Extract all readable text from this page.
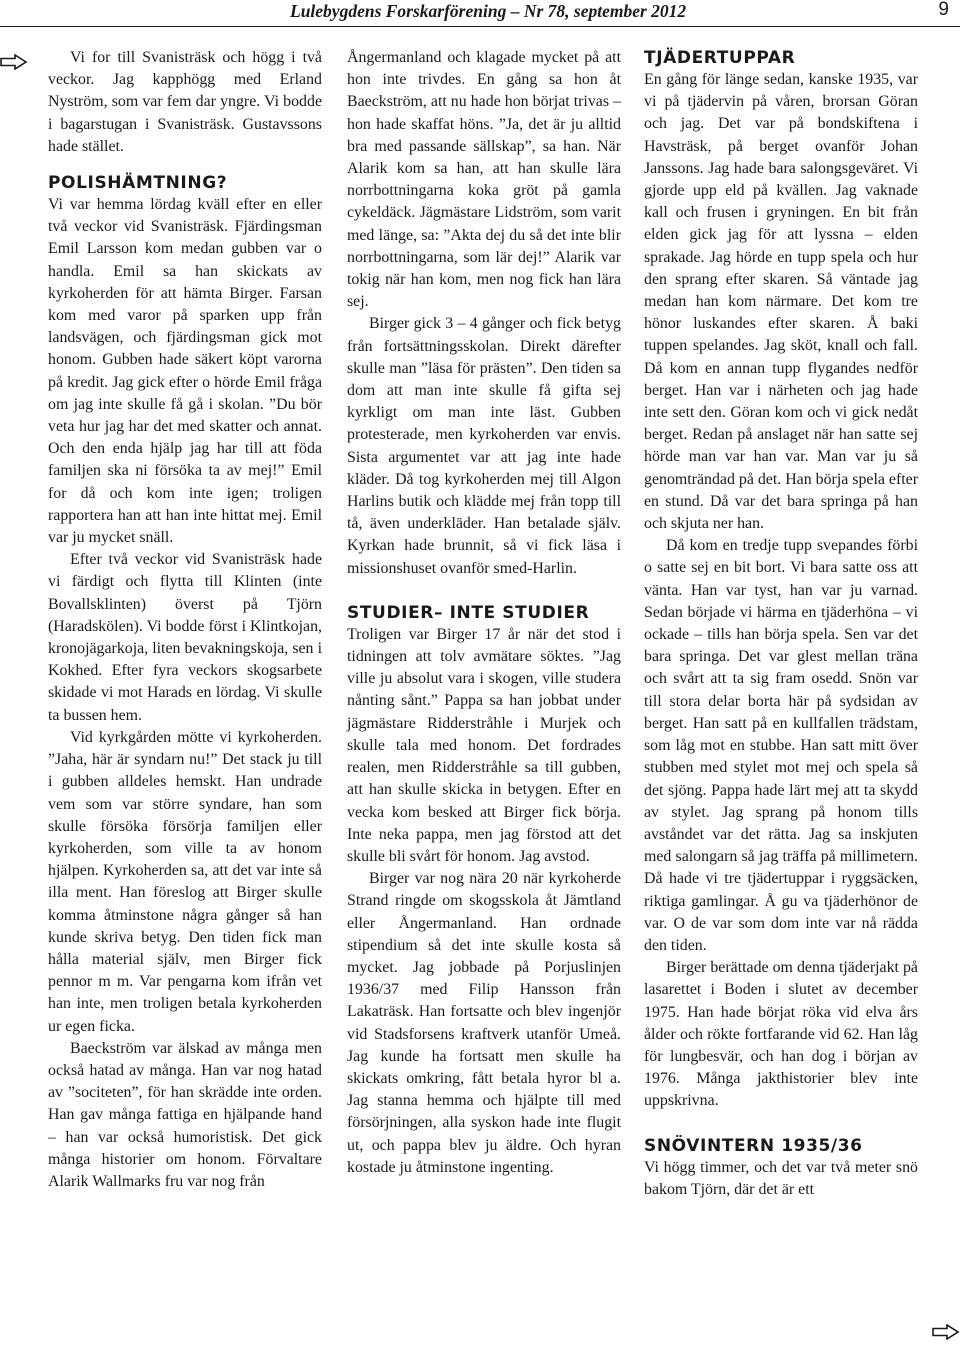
Lulebygdens Forskarförening – Nr 78, september 2012	9

Vi for till Svanisträsk och högg i två veckor. Jag kapphögg med Erland Nyström, som var fem dar yngre. Vi bodde i bagarstugan i Svanisträsk. Gustavssons hade stället.

POLISHÄMTNING?

Vi var hemma lördag kväll efter en eller två veckor vid Svanisträsk. Fjärdingsman Emil Larsson kom medan gubben var o handla. Emil sa han skickats av kyrkoherden för att hämta Birger. Farsan kom med varor på sparken upp från landsvägen, och fjärdingsman gick mot honom. Gubben hade säkert köpt varorna på kredit. Jag gick efter o hörde Emil fråga om jag inte skulle få gå i skolan. ”Du bör veta hur jag har det med skatter och annat. Och den enda hjälp jag har till att föda familjen ska ni försöka ta av mej!” Emil for då och kom inte igen; troligen rapportera han att han inte hittat mej. Emil var ju mycket snäll.

Efter två veckor vid Svanisträsk hade vi färdigt och flytta till Klinten (inte Bovallsklinten) överst på Tjörn (Haradskölen). Vi bodde först i Klintkojan, kronojägarkoja, liten bevakningskoja, sen i Kokhed. Efter fyra veckors skogsarbete skidade vi mot Harads en lördag. Vi skulle ta bussen hem.

Vid kyrkgården mötte vi kyrkoherden. ”Jaha, här är syndarn nu!” Det stack ju till i gubben alldeles hemskt. Han undrade vem som var större syndare, han som skulle försöka försörja familjen eller kyrkoherden, som ville ta av honom hjälpen. Kyrkoherden sa, att det var inte så illa ment. Han föreslog att Birger skulle komma åtminstone några gånger så han kunde skriva betyg. Den tiden fick man hålla material själv, men Birger fick pennor m m. Var pengarna kom ifrån vet han inte, men troligen betala kyrkoherden ur egen ficka.

Baeckström var älskad av många men också hatad av många. Han var nog hatad av ”sociteten”, för han skrädde inte orden. Han gav många fattiga en hjälpande hand – han var också humoristisk. Det gick många historier om honom. Förvaltare Alarik Wallmarks fru var nog från

Ångermanland och klagade mycket på att hon inte trivdes. En gång sa hon åt Baeckström, att nu hade hon börjat trivas – hon hade skaffat höns. ”Ja, det är ju alltid bra med passande sällskap”, sa han. När Alarik kom sa han, att han skulle lära norrbottningarna koka gröt på gamla cykeldäck. Jägmästare Lidström, som varit med länge, sa: ”Akta dej du så det inte blir norrbottningarna, som lär dej!” Alarik var tokig när han kom, men nog fick han lära sej.

Birger gick 3 – 4 gånger och fick betyg från fortsättningsskolan. Direkt därefter skulle man ”läsa för prästen”. Den tiden sa dom att man inte skulle få gifta sej kyrkligt om man inte läst. Gubben protesterade, men kyrkoherden var envis. Sista argumentet var att jag inte hade kläder. Då tog kyrkoherden mej till Algon Harlins butik och klädde mej från topp till tå, även underkläder. Han betalade själv. Kyrkan hade brunnit, så vi fick läsa i missionshuset ovanför smed-Harlin.

STUDIER– INTE STUDIER

Troligen var Birger 17 år när det stod i tidningen att tolv avmätare söktes. ”Jag ville ju absolut vara i skogen, ville studera nånting sånt.” Pappa sa han jobbat under jägmästare Ridderstråhle i Murjek och skulle tala med honom. Det fordrades realen, men Ridderstråhle sa till gubben, att han skulle skicka in betygen. Efter en vecka kom besked att Birger fick börja. Inte neka pappa, men jag förstod att det skulle bli svårt för honom. Jag avstod.

Birger var nog nära 20 när kyrkoherde Strand ringde om skogsskola åt Jämtland eller Ångermanland. Han ordnade stipendium så det inte skulle kosta så mycket. Jag jobbade på Porjuslinjen 1936/37 med Filip Hansson från Lakaträsk. Han fortsatte och blev ingenjör vid Stadsforsens kraftverk utanför Umeå. Jag kunde ha fortsatt men skulle ha skickats omkring, fått betala hyror bl a. Jag stanna hemma och hjälpte till med försörjningen, alla syskon hade inte flugit ut, och pappa blev ju äldre. Och hyran kostade ju åtminstone ingenting.

TJÄDERTUPPAR

En gång för länge sedan, kanske 1935, var vi på tjädervin på våren, brorsan Göran och jag. Det var på bondskiftena i Havsträsk, på berget ovanför Johan Janssons. Jag hade bara salongsgeväret. Vi gjorde upp eld på kvällen. Jag vaknade kall och frusen i gryningen. En bit från elden gick jag för att lyssna – elden sprakade. Jag hörde en tupp spela och hur den sprang efter skaren. Så väntade jag medan han kom närmare. Det kom tre hönor luskandes efter skaren. Å baki tuppen spelandes. Jag sköt, knall och fall. Då kom en annan tupp flygandes nedför berget. Han var i närheten och jag hade inte sett den. Göran kom och vi gick nedåt berget. Redan på anslaget när han satte sej hörde man var han var. Man var ju så genomträndad på det. Han börja spela efter en stund. Då var det bara springa på han och skjuta ner han.

Då kom en tredje tupp svepandes förbi o satte sej en bit bort. Vi bara satte oss att vänta. Han var tyst, han var ju varnad. Sedan började vi härma en tjäderhöna – vi ockade – tills han börja spela. Sen var det bara springa. Det var glest mellan träna och svårt att ta sig fram osedd. Snön var till stora delar borta här på sydsidan av berget. Han satt på en kullfallen trädstam, som låg mot en stubbe. Han satt mitt över stubben med stylet mot mej och spela så det sjöng. Pappa hade lärt mej att ta skydd av stylet. Jag sprang på honom tills avståndet var det rätta. Jag sa inskjuten med salongarn så jag träffa på millimetern. Då hade vi tre tjädertuppar i ryggsäcken, riktiga gamlingar. Å gu va tjäderhönor de var. O de var som dom inte var nå rädda den tiden.

Birger berättade om denna tjäderjakt på lasarettet i Boden i slutet av december 1975. Han hade börjat röka vid elva års ålder och rökte fortfarande vid 62. Han låg för lungbesvär, och han dog i början av 1976. Många jakthistorier blev inte uppskrivna.

SNÖVINTERN 1935/36

Vi högg timmer, och det var två meter snö bakom Tjörn, där det är ett
